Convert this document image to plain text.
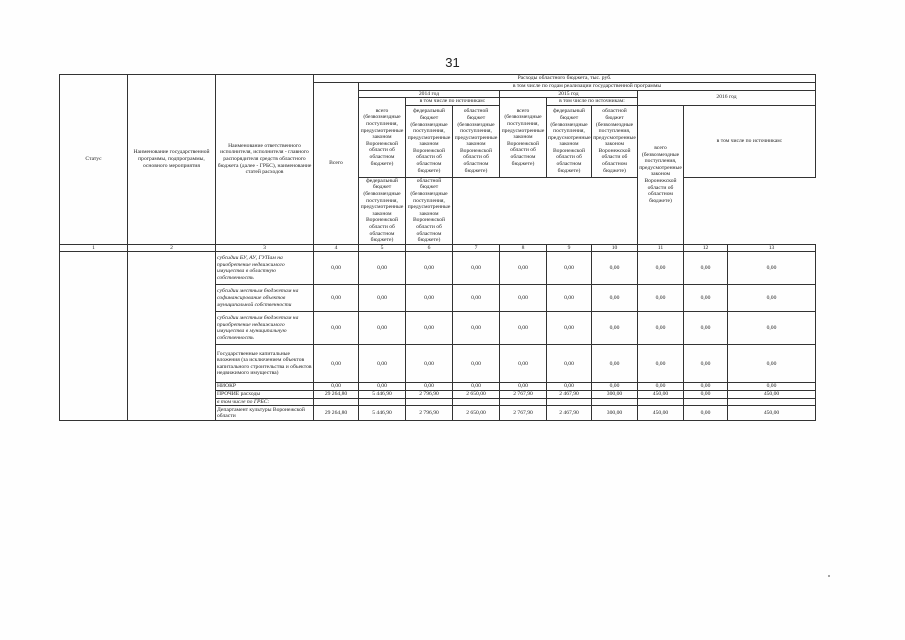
31
Статус	Наименование государственной программы, подпрограммы, основного мероприятия	Наименование ответственного исполнителя, исполнителя - главного распорядителя средств областного бюджета (далее - ГРБС), наименование статей расходов	Расходы областного бюджета, тыс. руб.									
			Всего	в том числе по годам реализации государственной программы								
				2014 год			2015 год			2016 год		
				всего (безвозмездные поступления, предусмотренные законом Воронежской области об областном бюджете)	в том числе по источникам:		всего (безвозмездные поступления, предусмотренные законом Воронежской области об областном бюджете)	в том числе по источникам:				
					федеральный бюджет (безвозмездные поступления, предусмотренные законом Воронежской области об областном бюджете)	областной бюджет (безвозмездные поступления, предусмотренные законом Воронежской области об областном бюджете)		федеральный бюджет (безвозмездные поступления, предусмотренные законом Воронежской области об областном бюджете)	областной бюджет (безвозмездные поступления, предусмотренные законом Воронежской области об областном бюджете)	всего (безвозмездные поступления, предусмотренные законом Воронежской области об областном бюджете)	в том числе по источникам:	
				федеральный бюджет (безвозмездные поступления, предусмотренные законом Воронежской области об областном бюджете)	областной бюджет (безвозмездные поступления, предусмотренные законом Воронежской области об областном бюджете)							
1	2	3	4	5	6	7	8	9	10	11	12	13
		субсидии БУ, АУ, ГУПам на приобретение недвижимого имущества в областную собственность	0,00	0,00	0,00	0,00	0,00	0,00	0,00	0,00	0,00	0,00
		субсидии местным бюджетам на софинансирование объектов муниципальной собственности	0,00	0,00	0,00	0,00	0,00	0,00	0,00	0,00	0,00	0,00
		субсидии местным бюджетам на приобретение недвижимого имущества в муниципальную собственность	0,00	0,00	0,00	0,00	0,00	0,00	0,00	0,00	0,00	0,00
		Государственные капитальные вложения (за исключением объектов капитального строительства и объектов недвижимого имущества)	0,00	0,00	0,00	0,00	0,00	0,00	0,00	0,00	0,00	0,00
		НИОКР	0,00	0,00	0,00	0,00	0,00	0,00	0,00	0,00	0,00	0,00
		ПРОЧИЕ расходы	29 264,80	5 446,90	2 796,90	2 650,00	2 767,90	2 467,90	300,00	450,00	0,00	450,00
		в том числе по ГРБС:										
		Департамент культуры Воронежской области	29 264,80	5 446,90	2 796,90	2 650,00	2 767,90	2 467,90	300,00	450,00	0,00	450,00
